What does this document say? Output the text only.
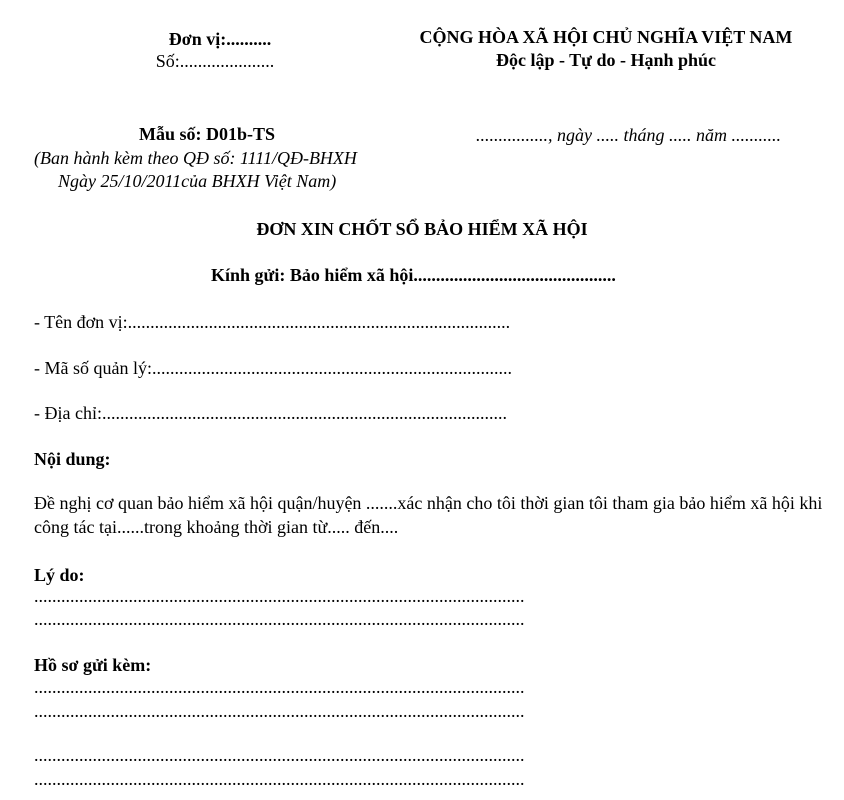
Đơn vị:..........
Số:.....................
CỘNG HÒA XÃ HỘI CHỦ NGHĨA VIỆT NAM
Độc lập - Tự do - Hạnh phúc
Mẫu số: D01b-TS
(Ban hành kèm theo QĐ số: 1111/QĐ-BHXH
Ngày 25/10/2011của BHXH Việt Nam)
................, ngày ..... tháng ..... năm ...........
ĐƠN XIN CHỐT SỔ BẢO HIỂM XÃ HỘI
Kính gửi: Bảo hiểm xã hội.............................................
- Tên đơn vị:.....................................................................................
- Mã số quản lý:................................................................................
- Địa chỉ:..........................................................................................
Nội dung:
Đề nghị cơ quan bảo hiểm xã hội quận/huyện .......xác nhận cho tôi thời gian tôi tham gia bảo hiểm xã hội khi công tác tại......trong khoảng thời gian từ..... đến....
Lý do:
.............................................................................................................
.............................................................................................................
Hồ sơ gửi kèm:
.............................................................................................................
.............................................................................................................
.............................................................................................................
.............................................................................................................
